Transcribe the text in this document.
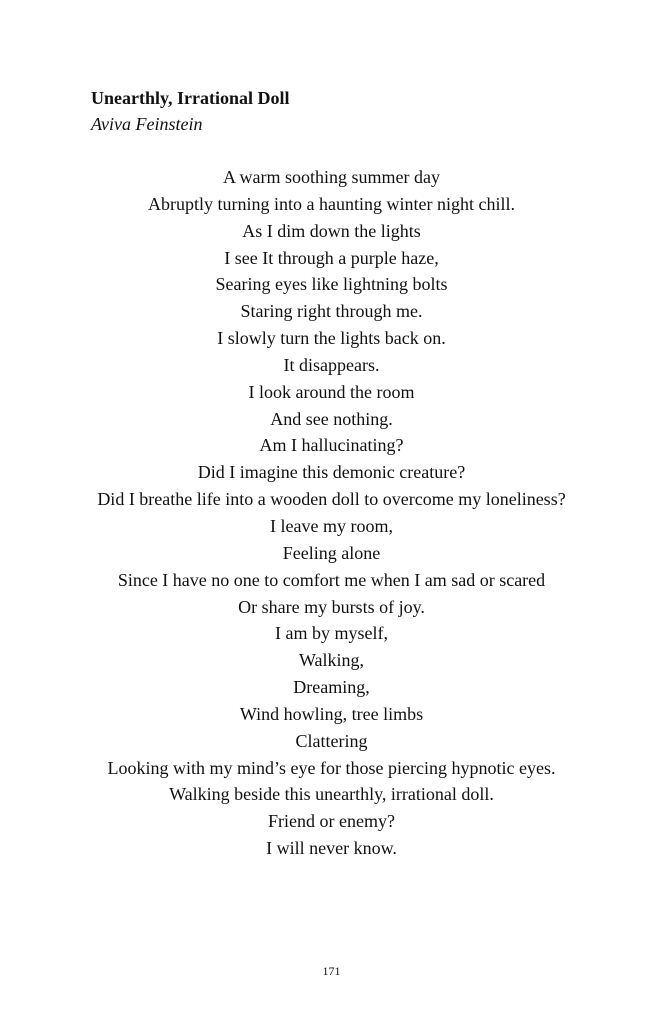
Unearthly, Irrational Doll

Aviva Feinstein

A warm soothing summer day
Abruptly turning into a haunting winter night chill.
As I dim down the lights
I see It through a purple haze,
Searing eyes like lightning bolts
Staring right through me.
I slowly turn the lights back on.
It disappears.
I look around the room
And see nothing.
Am I hallucinating?
Did I imagine this demonic creature?
Did I breathe life into a wooden doll to overcome my loneliness?
I leave my room,
Feeling alone
Since I have no one to comfort me when I am sad or scared
Or share my bursts of joy.
I am by myself,
Walking,
Dreaming,
Wind howling, tree limbs
Clattering
Looking with my mind’s eye for those piercing hypnotic eyes.
Walking beside this unearthly, irrational doll.
Friend or enemy?
I will never know.
171
